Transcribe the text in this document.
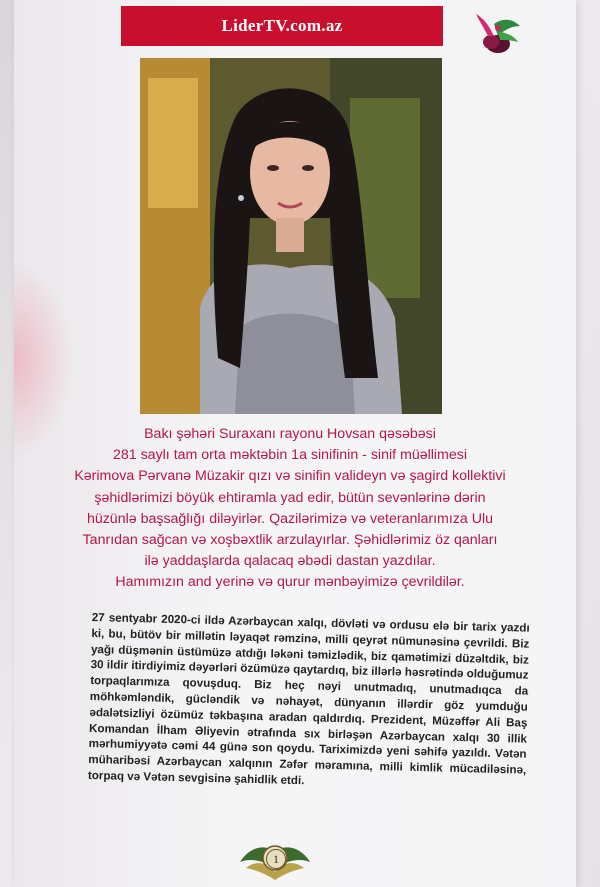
LiderTV.com.az

Bakı şəhəri Suraxanı rayonu Hovsan qəsəbəsi

281 saylı tam orta məktəbin 1a sinifinin - sinif müəllimesi

Kərimova Pərvanə Müzakir qızı və sinifin valideyn və şagird kollektivi

şəhidlərimizi böyük ehtiramla yad edir, bütün sevənlərinə dərin

hüzünlə başsağlığı diləyirlər. Qazilərimizə və veteranlarımıza Ulu

Tanrıdan sağcan və xoşbəxtlik arzulayırlar. Şəhidlərimiz öz qanları

ilə yaddaşlarda qalacaq əbədi dastan yazdılar.

Hamımızın and yerinə və qurur mənbəyimizə çevrildilər.

27 sentyabr 2020-ci ildə Azərbaycan xalqı, dövləti və ordusu elə bir tarix yazdı ki, bu, bütöv bir millətin ləyaqət rəmzinə, milli qeyrət nümunəsinə çevrildi. Biz yağı düşmənin üstümüzə atdığı ləkəni təmizlədik, biz qamətimizi düzəltdik, biz 30 ildir itirdiyimiz dəyərləri özümüzə qaytardıq, biz illərlə həsrətində olduğumuz torpaqlarımıza qovuşduq. Biz heç nəyi unutmadıq, unutmadıqca da möhkəmləndik, gücləndik və nəhayət, dünyanın illərdir göz yumduğu ədalətsizliyi özümüz təkbaşına aradan qaldırdıq. Prezident, Müzəffər Ali Baş Komandan İlham Əliyevin ətrafında sıx birləşən Azərbaycan xalqı 30 illik mərhumiyyətə cəmi 44 günə son qoydu. Tariximizdə yeni səhifə yazıldı. Vətən müharibəsi Azərbaycan xalqının Zəfər məramına, milli kimlik mücadiləsinə, torpaq və Vətən sevgisinə şahidlik etdi.
1
